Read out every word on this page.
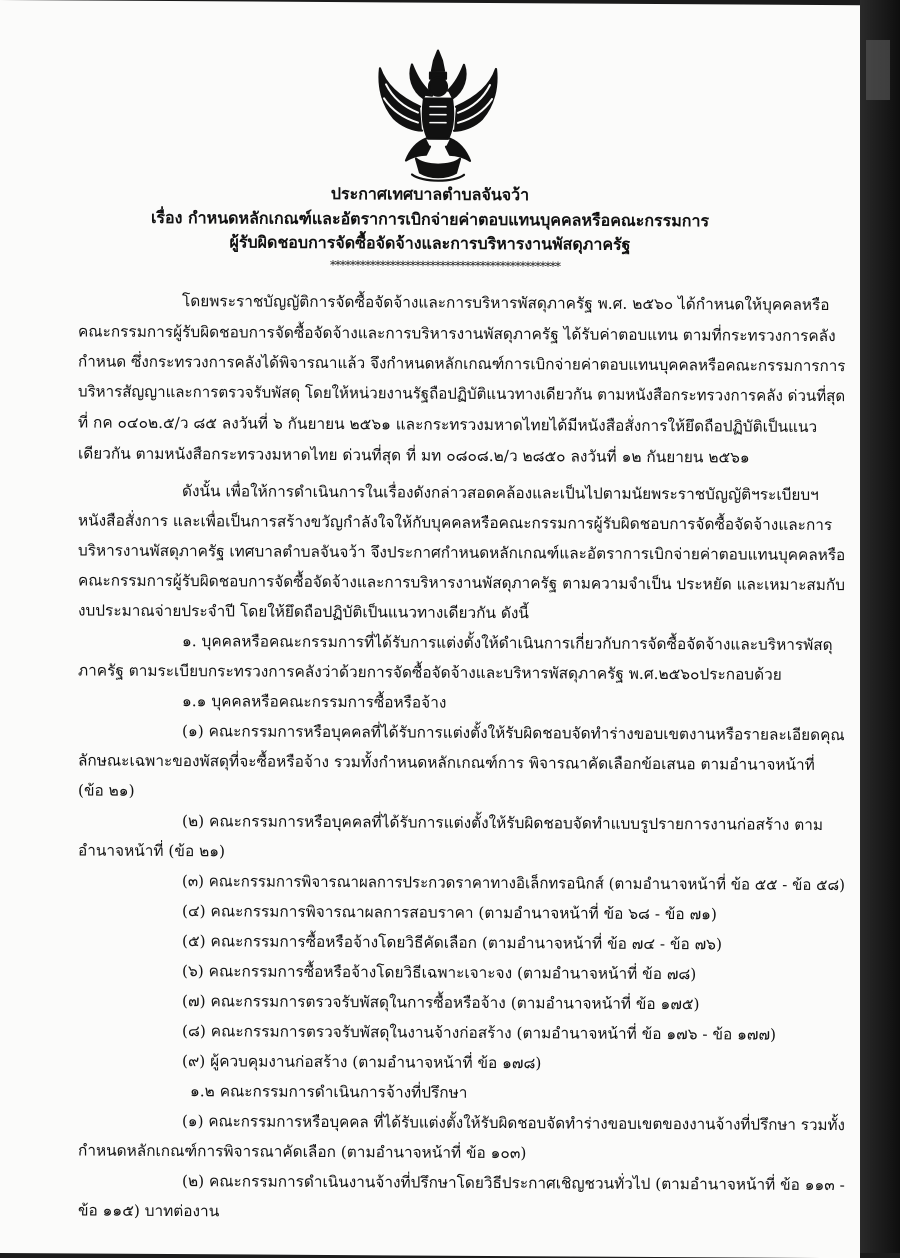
ประกาศเทศบาลตำบลจันจว้า
เรื่อง กำหนดหลักเกณฑ์และอัตราการเบิกจ่ายค่าตอบแทนบุคคลหรือคณะกรรมการ
ผู้รับผิดชอบการจัดซื้อจัดจ้างและการบริหารงานพัสดุภาครัฐ
**********************************************
โดยพระราชบัญญัติการจัดซื้อจัดจ้างและการบริหารพัสดุภาครัฐ พ.ศ. ๒๕๖๐ ได้กำหนดให้บุคคลหรือ
คณะกรรมการผู้รับผิดชอบการจัดซื้อจัดจ้างและการบริหารงานพัสดุภาครัฐ ได้รับค่าตอบแทน ตามที่กระทรวงการคลัง
กำหนด ซึ่งกระทรวงการคลังได้พิจารณาแล้ว จึงกำหนดหลักเกณฑ์การเบิกจ่ายค่าตอบแทนบุคคลหรือคณะกรรมการการ
บริหารสัญญาและการตรวจรับพัสดุ โดยให้หน่วยงานรัฐถือปฏิบัติแนวทางเดียวกัน ตามหนังสือกระทรวงการคลัง ด่วนที่สุด
ที่ กค ๐๔๐๒.๕/ว ๘๕ ลงวันที่ ๖ กันยายน ๒๕๖๑ และกระทรวงมหาดไทยได้มีหนังสือสั่งการให้ยึดถือปฏิบัติเป็นแนว
เดียวกัน ตามหนังสือกระทรวงมหาดไทย ด่วนที่สุด ที่ มท ๐๘๐๘.๒/ว ๒๘๕๐ ลงวันที่ ๑๒ กันยายน ๒๕๖๑
ดังนั้น เพื่อให้การดำเนินการในเรื่องดังกล่าวสอดคล้องและเป็นไปตามนัยพระราชบัญญัติฯระเบียบฯ
หนังสือสั่งการ และเพื่อเป็นการสร้างขวัญกำลังใจให้กับบุคคลหรือคณะกรรมการผู้รับผิดชอบการจัดซื้อจัดจ้างและการ
บริหารงานพัสดุภาครัฐ เทศบาลตำบลจันจว้า จึงประกาศกำหนดหลักเกณฑ์และอัตราการเบิกจ่ายค่าตอบแทนบุคคลหรือ
คณะกรรมการผู้รับผิดชอบการจัดซื้อจัดจ้างและการบริหารงานพัสดุภาครัฐ ตามความจำเป็น ประหยัด และเหมาะสมกับ
งบประมาณจ่ายประจำปี โดยให้ยึดถือปฏิบัติเป็นแนวทางเดียวกัน ดังนี้
๑. บุคคลหรือคณะกรรมการที่ได้รับการแต่งตั้งให้ดำเนินการเกี่ยวกับการจัดซื้อจัดจ้างและบริหารพัสดุ
ภาครัฐ ตามระเบียบกระทรวงการคลังว่าด้วยการจัดซื้อจัดจ้างและบริหารพัสดุภาครัฐ พ.ศ.๒๕๖๐ประกอบด้วย
๑.๑ บุคคลหรือคณะกรรมการซื้อหรือจ้าง
(๑) คณะกรรมการหรือบุคคลที่ได้รับการแต่งตั้งให้รับผิดชอบจัดทำร่างขอบเขตงานหรือรายละเอียดคุณ
ลักษณะเฉพาะของพัสดุที่จะซื้อหรือจ้าง รวมทั้งกำหนดหลักเกณฑ์การ พิจารณาคัดเลือกข้อเสนอ ตามอำนาจหน้าที่
(ข้อ ๒๑)
(๒) คณะกรรมการหรือบุคคลที่ได้รับการแต่งตั้งให้รับผิดชอบจัดทำแบบรูปรายการงานก่อสร้าง ตาม
อำนาจหน้าที่ (ข้อ ๒๑)
(๓) คณะกรรมการพิจารณาผลการประกวดราคาทางอิเล็กทรอนิกส์ (ตามอำนาจหน้าที่ ข้อ ๕๕ - ข้อ ๕๘)
(๔) คณะกรรมการพิจารณาผลการสอบราคา (ตามอำนาจหน้าที่ ข้อ ๖๘ - ข้อ ๗๑)
(๕) คณะกรรมการซื้อหรือจ้างโดยวิธีคัดเลือก (ตามอำนาจหน้าที่ ข้อ ๗๔ - ข้อ ๗๖)
(๖) คณะกรรมการซื้อหรือจ้างโดยวิธีเฉพาะเจาะจง (ตามอำนาจหน้าที่ ข้อ ๗๘)
(๗) คณะกรรมการตรวจรับพัสดุในการซื้อหรือจ้าง (ตามอำนาจหน้าที่ ข้อ ๑๗๕)
(๘) คณะกรรมการตรวจรับพัสดุในงานจ้างก่อสร้าง (ตามอำนาจหน้าที่ ข้อ ๑๗๖ - ข้อ ๑๗๗)
(๙) ผู้ควบคุมงานก่อสร้าง (ตามอำนาจหน้าที่ ข้อ ๑๗๘)
๑.๒ คณะกรรมการดำเนินการจ้างที่ปรึกษา
(๑) คณะกรรมการหรือบุคคล ที่ได้รับแต่งตั้งให้รับผิดชอบจัดทำร่างขอบเขตของงานจ้างที่ปรึกษา รวมทั้ง
กำหนดหลักเกณฑ์การพิจารณาคัดเลือก (ตามอำนาจหน้าที่ ข้อ ๑๐๓)
(๒) คณะกรรมการดำเนินงานจ้างที่ปรึกษาโดยวิธีประกาศเชิญชวนทั่วไป (ตามอำนาจหน้าที่ ข้อ ๑๑๓ -
ข้อ ๑๑๕) บาทต่องาน
